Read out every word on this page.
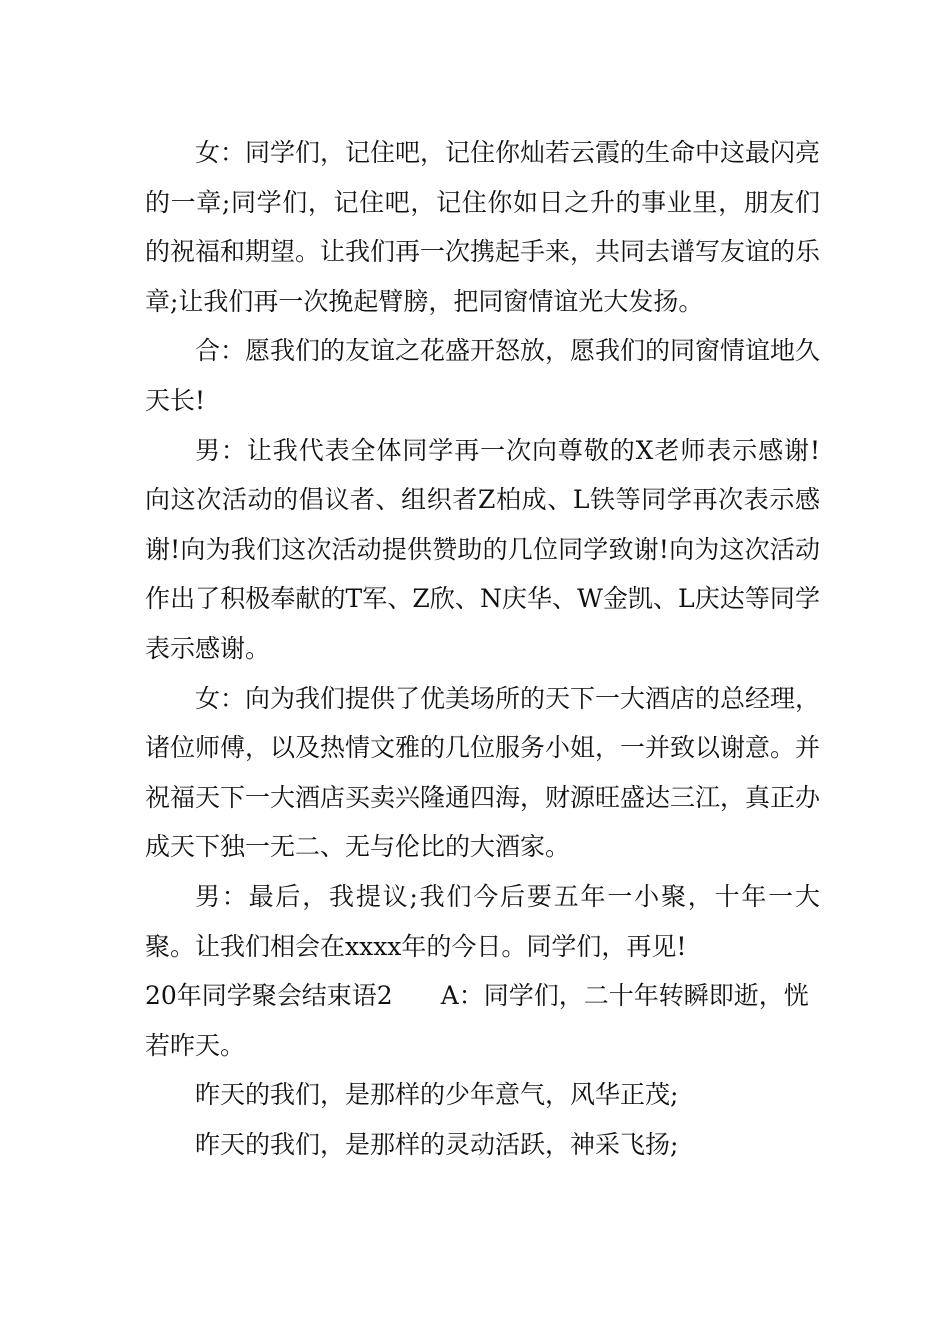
女：同学们，记住吧，记住你灿若云霞的生命中这最闪亮的一章;同学们，记住吧，记住你如日之升的事业里，朋友们的祝福和期望。让我们再一次携起手来，共同去谱写友谊的乐章;让我们再一次挽起臂膀，把同窗情谊光大发扬。

合：愿我们的友谊之花盛开怒放，愿我们的同窗情谊地久天长!

男：让我代表全体同学再一次向尊敬的X老师表示感谢!向这次活动的倡议者、组织者Z柏成、L铁等同学再次表示感谢!向为我们这次活动提供赞助的几位同学致谢!向为这次活动作出了积极奉献的T军、Z欣、N庆华、W金凯、L庆达等同学表示感谢。

女：向为我们提供了优美场所的天下一大酒店的总经理，诸位师傅，以及热情文雅的几位服务小姐，一并致以谢意。并祝福天下一大酒店买卖兴隆通四海，财源旺盛达三江，真正办成天下独一无二、无与伦比的大酒家。

男：最后，我提议;我们今后要五年一小聚，十年一大聚。让我们相会在xxxx年的今日。同学们，再见!

20年同学聚会结束语2 A：同学们，二十年转瞬即逝，恍若昨天。

昨天的我们，是那样的少年意气，风华正茂;

昨天的我们，是那样的灵动活跃，神采飞扬;
